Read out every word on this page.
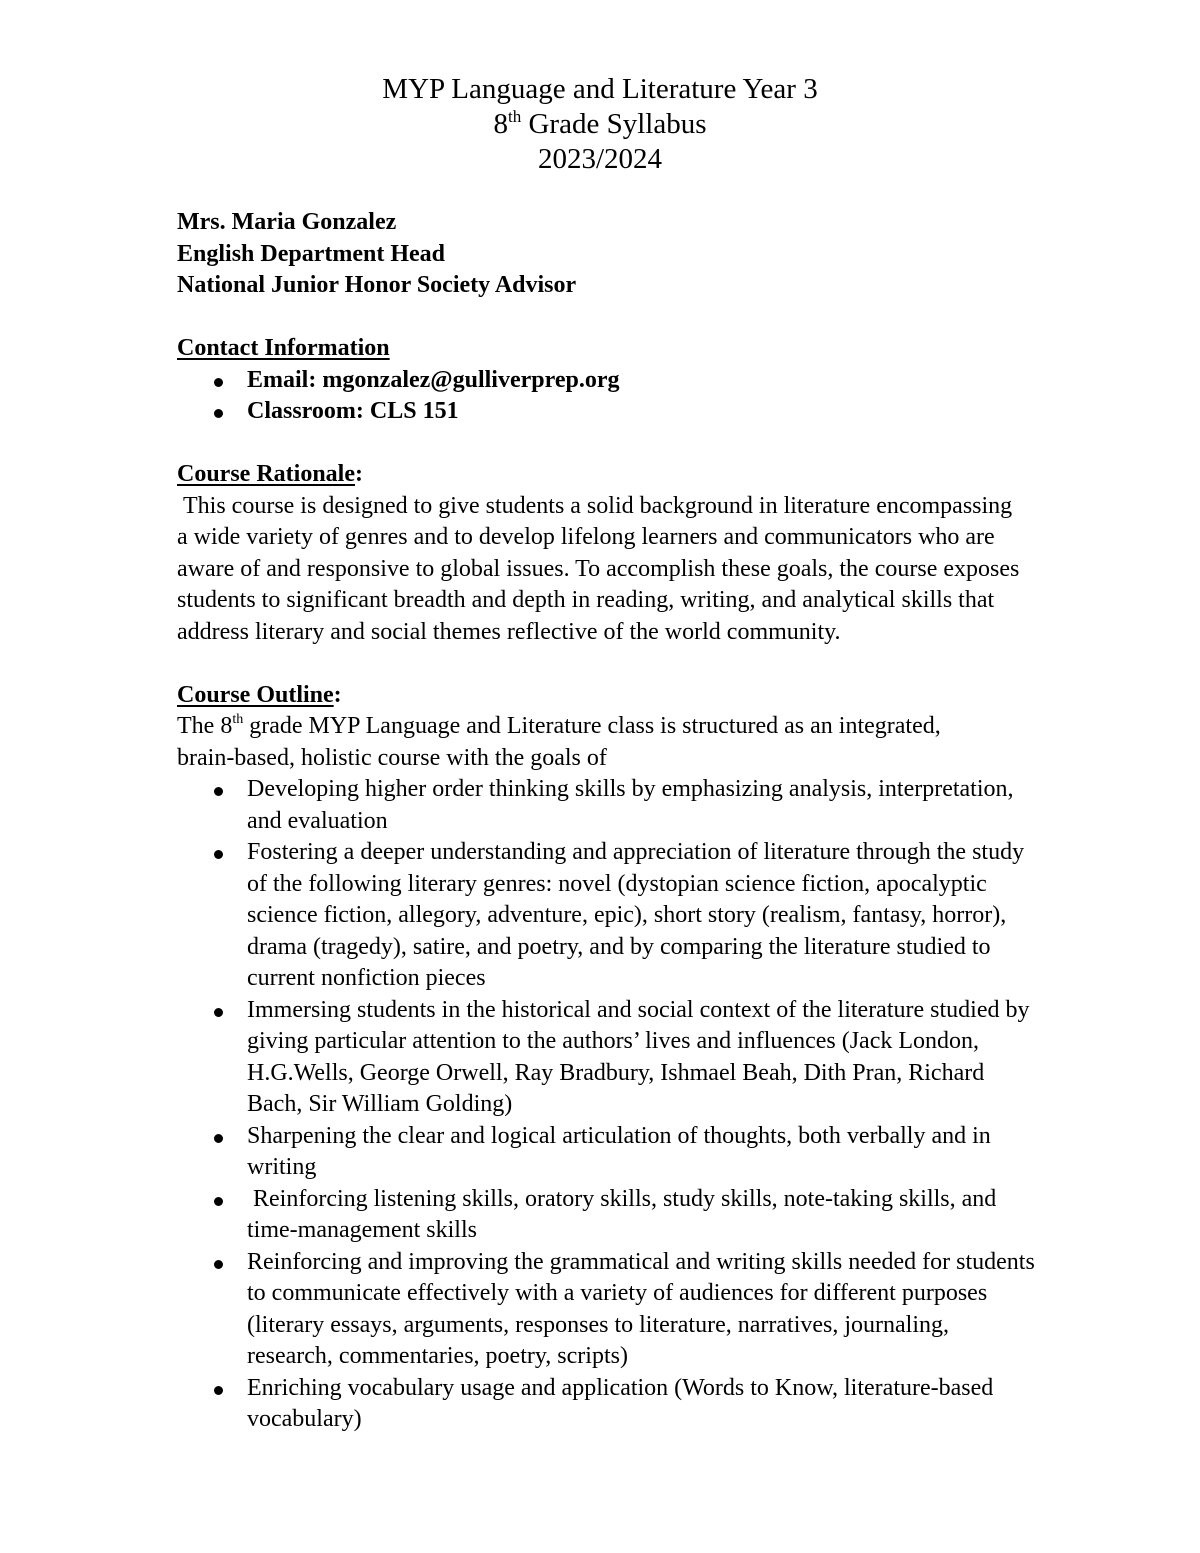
MYP Language and Literature Year 3
8th Grade Syllabus
2023/2024
Mrs. Maria Gonzalez
English Department Head
National Junior Honor Society Advisor
Contact Information
Email: mgonzalez@gulliverprep.org
Classroom: CLS 151
Course Rationale:
This course is designed to give students a solid background in literature encompassing a wide variety of genres and to develop lifelong learners and communicators who are aware of and responsive to global issues. To accomplish these goals, the course exposes students to significant breadth and depth in reading, writing, and analytical skills that address literary and social themes reflective of the world community.
Course Outline:
The 8th grade MYP Language and Literature class is structured as an integrated, brain-based, holistic course with the goals of
Developing higher order thinking skills by emphasizing analysis, interpretation, and evaluation
Fostering a deeper understanding and appreciation of literature through the study of the following literary genres: novel (dystopian science fiction, apocalyptic science fiction, allegory, adventure, epic), short story (realism, fantasy, horror), drama (tragedy), satire, and poetry, and by comparing the literature studied to current nonfiction pieces
Immersing students in the historical and social context of the literature studied by giving particular attention to the authors’ lives and influences (Jack London, H.G.Wells, George Orwell, Ray Bradbury, Ishmael Beah, Dith Pran, Richard Bach, Sir William Golding)
Sharpening the clear and logical articulation of thoughts, both verbally and in writing
Reinforcing listening skills, oratory skills, study skills, note-taking skills, and time-management skills
Reinforcing and improving the grammatical and writing skills needed for students to communicate effectively with a variety of audiences for different purposes (literary essays, arguments, responses to literature, narratives, journaling, research, commentaries, poetry, scripts)
Enriching vocabulary usage and application (Words to Know, literature-based vocabulary)
